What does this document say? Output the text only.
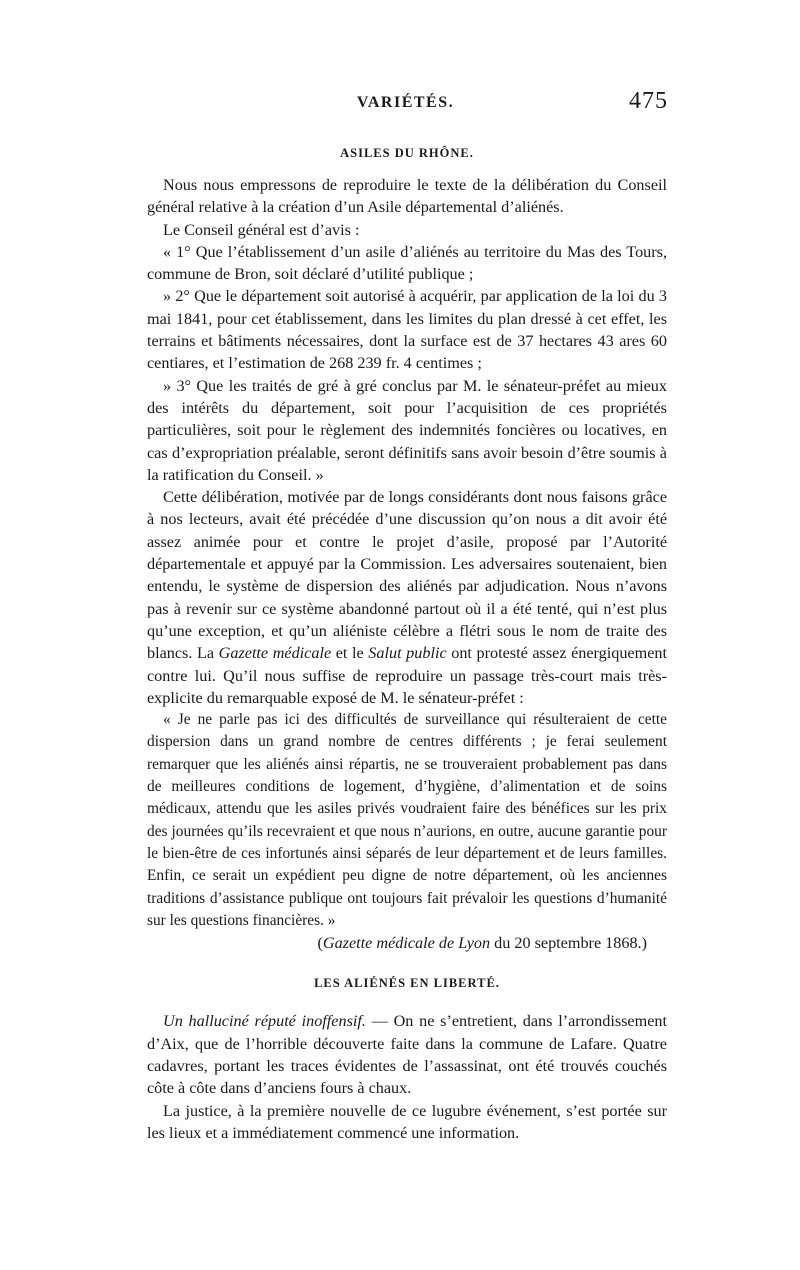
VARIÉTÉS.	475
ASILES DU RHÔNE.

Nous nous empressons de reproduire le texte de la délibération du Conseil général relative à la création d’un Asile départemental d’aliénés.

Le Conseil général est d’avis :

« 1° Que l’établissement d’un asile d’aliénés au territoire du Mas des Tours, commune de Bron, soit déclaré d’utilité publique ;

» 2° Que le département soit autorisé à acquérir, par application de la loi du 3 mai 1841, pour cet établissement, dans les limites du plan dressé à cet effet, les terrains et bâtiments nécessaires, dont la surface est de 37 hectares 43 ares 60 centiares, et l’estimation de 268 239 fr. 4 centimes ;

» 3° Que les traités de gré à gré conclus par M. le sénateur-préfet au mieux des intérêts du département, soit pour l’acquisition de ces propriétés particulières, soit pour le règlement des indemnités foncières ou locatives, en cas d’expropriation préalable, seront définitifs sans avoir besoin d’être soumis à la ratification du Conseil. »

Cette délibération, motivée par de longs considérants dont nous faisons grâce à nos lecteurs, avait été précédée d’une discussion qu’on nous a dit avoir été assez animée pour et contre le projet d’asile, proposé par l’Autorité départementale et appuyé par la Commission. Les adversaires soutenaient, bien entendu, le système de dispersion des aliénés par adjudication. Nous n’avons pas à revenir sur ce système abandonné partout où il a été tenté, qui n’est plus qu’une exception, et qu’un aliéniste célèbre a flétri sous le nom de traite des blancs. La Gazette médicale et le Salut public ont protesté assez énergiquement contre lui. Qu’il nous suffise de reproduire un passage très-court mais très-explicite du remarquable exposé de M. le sénateur-préfet :

« Je ne parle pas ici des difficultés de surveillance qui résulteraient de cette dispersion dans un grand nombre de centres différents ; je ferai seulement remarquer que les aliénés ainsi répartis, ne se trouveraient probablement pas dans de meilleures conditions de logement, d’hygiène, d’alimentation et de soins médicaux, attendu que les asiles privés voudraient faire des bénéfices sur les prix des journées qu’ils recevraient et que nous n’aurions, en outre, aucune garantie pour le bien-être de ces infortunés ainsi séparés de leur département et de leurs familles. Enfin, ce serait un expédient peu digne de notre département, où les anciennes traditions d’assistance publique ont toujours fait prévaloir les questions d’humanité sur les questions financières. »

(Gazette médicale de Lyon du 20 septembre 1868.)

LES ALIÉNÉS EN LIBERTÉ.

Un halluciné réputé inoffensif. — On ne s’entretient, dans l’arrondissement d’Aix, que de l’horrible découverte faite dans la commune de Lafare. Quatre cadavres, portant les traces évidentes de l’assassinat, ont été trouvés couchés côte à côte dans d’anciens fours à chaux.

La justice, à la première nouvelle de ce lugubre événement, s’est portée sur les lieux et a immédiatement commencé une information.
